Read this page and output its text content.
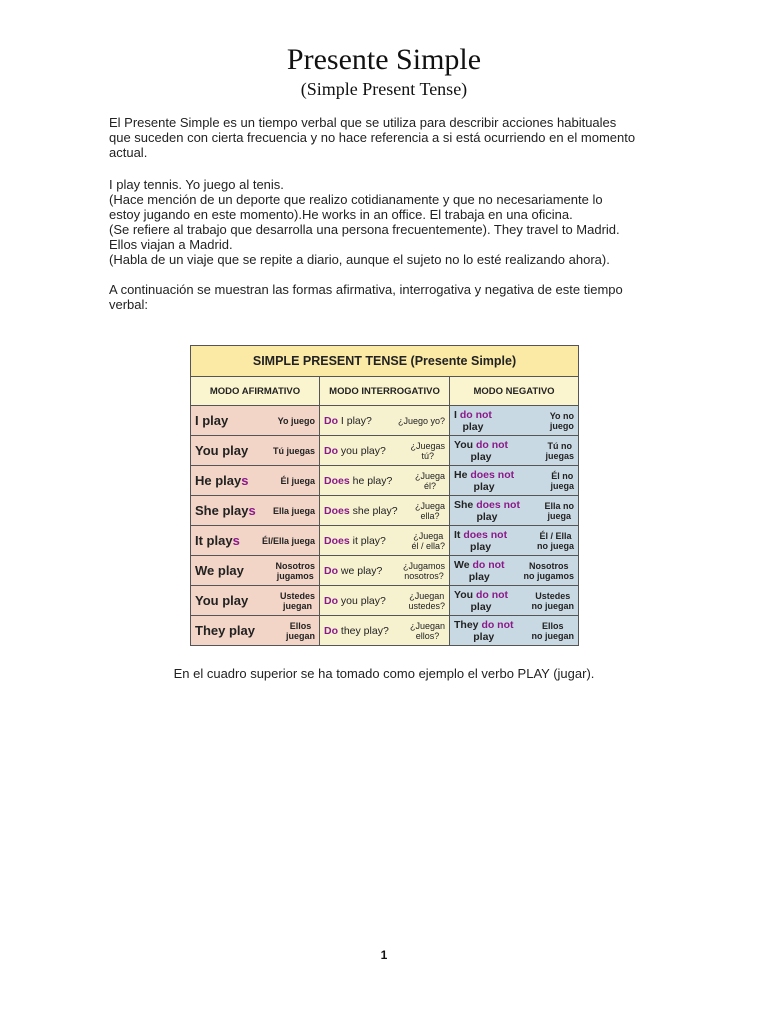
Presente Simple
(Simple Present Tense)
El Presente Simple es un tiempo verbal que se utiliza para describir acciones habituales
que suceden con cierta frecuencia y no hace referencia a si está ocurriendo en el momento
actual.
I play tennis. Yo juego al tenis.
(Hace mención de un deporte que realizo cotidianamente y que no necesariamente lo
estoy jugando en este momento).He works in an office. El trabaja en una oficina.
(Se refiere al trabajo que desarrolla una persona frecuentemente). They travel to Madrid.
Ellos viajan a Madrid.
(Habla de un viaje que se repite a diario, aunque el sujeto no lo esté realizando ahora).
A continuación se muestran las formas afirmativa, interrogativa y negativa de este tiempo
verbal:
SIMPLE PRESENT TENSE (Presente Simple)		
MODO AFIRMATIVO	MODO INTERROGATIVO	MODO NEGATIVO

I play Yo juego	Do I play? ¿Juego yo?	I do not
play
Yo no
juego

You play Tú juegas	Do you play? ¿Juegas
tú?	You do not
play
Tú no
juegas

He plays Él juega	Does he play? ¿Juega
él?	He does not
play
Él no
juega

She plays Ella juega	Does she play? ¿Juega
ella?	She does not
play
Ella no
juega

It plays Él/Ella juega	Does it play? ¿Juega
él / ella?	It does not
play
Él / Ella
no juega

We play Nosotros
jugamos	Do we play? ¿Jugamos
nosotros?	We do not
play
Nosotros
no jugamos

You play Ustedes
juegan	Do you play? ¿Juegan
ustedes?	You do not
play
Ustedes
no juegan

They play Ellos
juegan	Do they play? ¿Juegan
ellos?	They do not
play
Ellos
no juegan
En el cuadro superior se ha tomado como ejemplo el verbo PLAY (jugar).
1
